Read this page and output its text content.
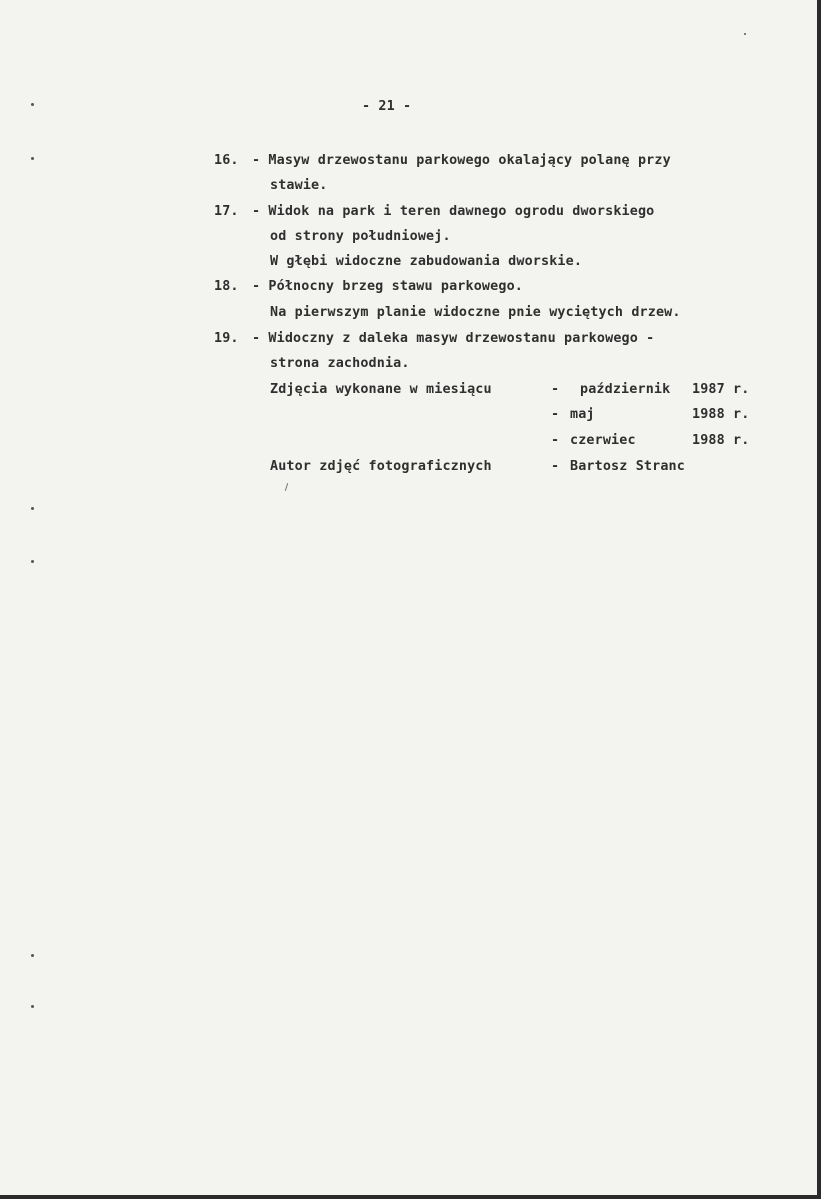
- 21 -
16. - Masyw drzewostanu parkowego okalający polanę przy
stawie.
17. - Widok na park i teren dawnego ogrodu dworskiego
od strony południowej.
W głębi widoczne zabudowania dworskie.
18. - Północny brzeg stawu parkowego.
Na pierwszym planie widoczne pnie wyciętych drzew.
19. - Widoczny z daleka masyw drzewostanu parkowego -
strona zachodnia.
Zdjęcia wykonane w miesiącu	- październik 1987 r.
- maj	1988 r.
- czerwiec	1988 r.
Autor zdjęć fotograficznych	- Bartosz Stranc
